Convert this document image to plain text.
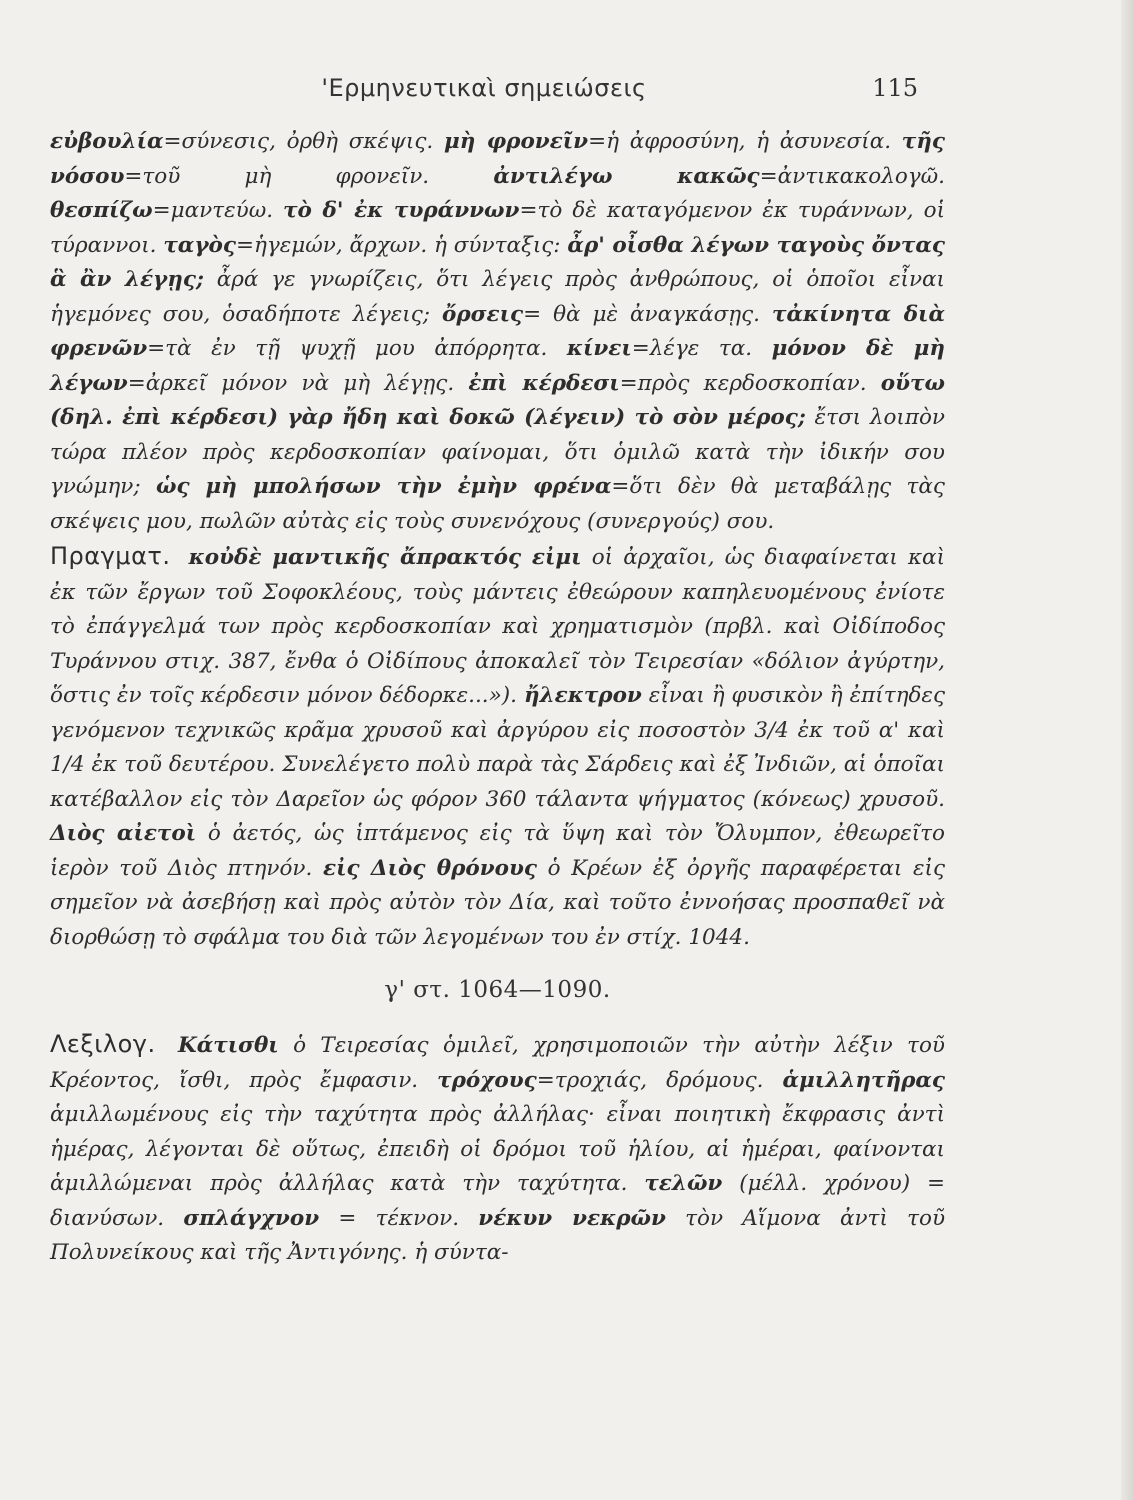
'Ερμηνευτικαὶ σημειώσεις	115

εὐβουλία=σύνεσις, ὀρθὴ σκέψις. μὴ φρονεῖν=ἡ ἀφροσύνη, ἡ ἀσυνεσία. τῆς νόσου=τοῦ μὴ φρονεῖν. ἀντιλέγω κακῶς=ἀντικακολογῶ. θεσπίζω=μαντεύω. τὸ δ' ἐκ τυράννων=τὸ δὲ καταγόμενον ἐκ τυράννων, οἱ τύραννοι. ταγὸς=ἡγεμών, ἄρχων. ἡ σύνταξις: ἆρ' οἶσθα λέγων ταγοὺς ὄντας ἃ ἂν λέγῃς; ἆρά γε γνωρίζεις, ὅτι λέγεις πρὸς ἀνθρώπους, οἱ ὁποῖοι εἶναι ἡγεμόνες σου, ὁσαδήποτε λέγεις; ὄρσεις= θὰ μὲ ἀναγκάσῃς. τἀκίνητα διὰ φρενῶν=τὰ ἐν τῇ ψυχῇ μου ἀπόρρητα. κίνει=λέγε τα. μόνον δὲ μὴ λέγων=ἀρκεῖ μόνον νὰ μὴ λέγῃς. ἐπὶ κέρδεσι=πρὸς κερδοσκοπίαν. οὕτω (δηλ. ἐπὶ κέρδεσι) γὰρ ἤδη καὶ δοκῶ (λέγειν) τὸ σὸν μέρος; ἔτσι λοιπὸν τώρα πλέον πρὸς κερδοσκοπίαν φαίνομαι, ὅτι ὁμιλῶ κατὰ τὴν ἰδικήν σου γνώμην; ὡς μὴ μπολήσων τὴν ἐμὴν φρένα=ὅτι δὲν θὰ μεταβάλῃς τὰς σκέψεις μου, πωλῶν αὐτὰς εἰς τοὺς συνενόχους (συνεργούς) σου.

Πραγματ. κοὐδὲ μαντικῆς ἄπρακτός εἰμι οἱ ἀρχαῖοι, ὡς διαφαίνεται καὶ ἐκ τῶν ἔργων τοῦ Σοφοκλέους, τοὺς μάντεις ἐθεώρουν καπηλευομένους ἐνίοτε τὸ ἐπάγγελμά των πρὸς κερδοσκοπίαν καὶ χρηματισμὸν (πρβλ. καὶ Οἰδίποδος Τυράννου στιχ. 387, ἔνθα ὁ Οἰδίπους ἀποκαλεῖ τὸν Τειρεσίαν «δόλιον ἀγύρτην, ὅστις ἐν τοῖς κέρδεσιν μόνον δέδορκε...»). ἤλεκτρον εἶναι ἢ φυσικὸν ἢ ἐπίτηδες γενόμενον τεχνικῶς κρᾶμα χρυσοῦ καὶ ἀργύρου εἰς ποσοστὸν 3/4 ἐκ τοῦ α' καὶ 1/4 ἐκ τοῦ δευτέρου. Συνελέγετο πολὺ παρὰ τὰς Σάρδεις καὶ ἐξ Ἰνδιῶν, αἱ ὁποῖαι κατέβαλλον εἰς τὸν Δαρεῖον ὡς φόρον 360 τάλαντα ψήγματος (κόνεως) χρυσοῦ. Διὸς αἰετοὶ ὁ ἀετός, ὡς ἱπτάμενος εἰς τὰ ὕψη καὶ τὸν Ὄλυμπον, ἐθεωρεῖτο ἱερὸν τοῦ Διὸς πτηνόν. εἰς Διὸς θρόνους ὁ Κρέων ἐξ ὀργῆς παραφέρεται εἰς σημεῖον νὰ ἀσεβήσῃ καὶ πρὸς αὐτὸν τὸν Δία, καὶ τοῦτο ἐννοήσας προσπαθεῖ νὰ διορθώσῃ τὸ σφάλμα του διὰ τῶν λεγομένων του ἐν στίχ. 1044.

γ' στ. 1064—1090.

Λεξιλογ. Κάτισθι ὁ Τειρεσίας ὁμιλεῖ, χρησιμοποιῶν τὴν αὐτὴν λέξιν τοῦ Κρέοντος, ἴσθι, πρὸς ἔμφασιν. τρόχους=τροχιάς, δρόμους. ἁμιλλητῆρας ἁμιλλωμένους εἰς τὴν ταχύτητα πρὸς ἀλλήλας· εἶναι ποιητικὴ ἔκφρασις ἀντὶ ἡμέρας, λέγονται δὲ οὕτως, ἐπειδὴ οἱ δρόμοι τοῦ ἡλίου, αἱ ἡμέραι, φαίνονται ἁμιλλώμεναι πρὸς ἀλλήλας κατὰ τὴν ταχύτητα. τελῶν (μέλλ. χρόνου) = διανύσων. σπλάγχνον = τέκνον. νέκυν νεκρῶν τὸν Αἵμονα ἀντὶ τοῦ Πολυνείκους καὶ τῆς Ἀντιγόνης. ἡ σύντα-
